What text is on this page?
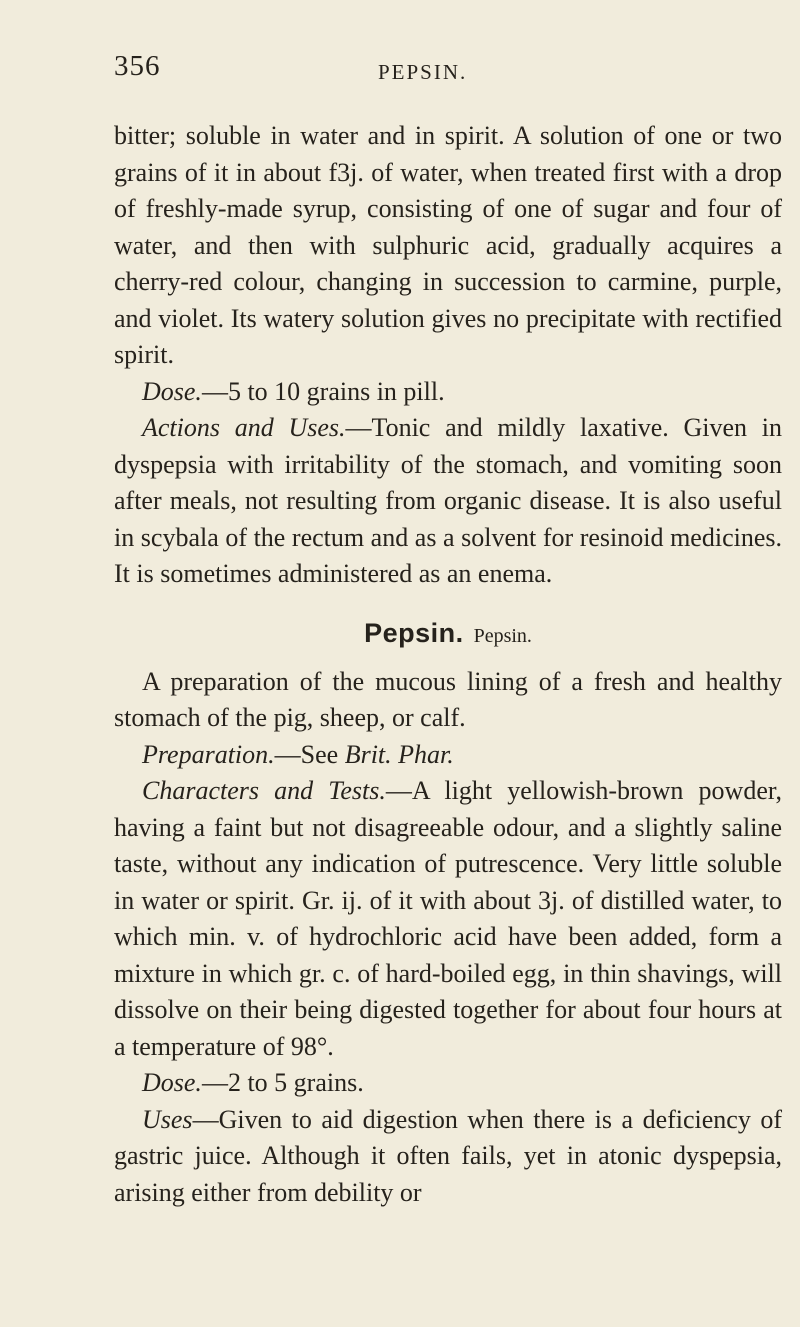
356	PEPSIN.

bitter; soluble in water and in spirit. A solution of one or two grains of it in about f3j. of water, when treated first with a drop of freshly-made syrup, consisting of one of sugar and four of water, and then with sulphuric acid, gradually acquires a cherry-red colour, changing in succession to carmine, purple, and violet. Its watery solution gives no precipitate with rectified spirit.

Dose.—5 to 10 grains in pill.

Actions and Uses.—Tonic and mildly laxative. Given in dyspepsia with irritability of the stomach, and vomiting soon after meals, not resulting from organic disease. It is also useful in scybala of the rectum and as a solvent for resinoid medicines. It is sometimes administered as an enema.

Pepsin. Pepsin.

A preparation of the mucous lining of a fresh and healthy stomach of the pig, sheep, or calf.

Preparation.—See Brit. Phar.

Characters and Tests.—A light yellowish-brown powder, having a faint but not disagreeable odour, and a slightly saline taste, without any indication of putrescence. Very little soluble in water or spirit. Gr. ij. of it with about 3j. of distilled water, to which min. v. of hydrochloric acid have been added, form a mixture in which gr. c. of hard-boiled egg, in thin shavings, will dissolve on their being digested together for about four hours at a temperature of 98°.

Dose.—2 to 5 grains.

Uses—Given to aid digestion when there is a deficiency of gastric juice. Although it often fails, yet in atonic dyspepsia, arising either from debility or
